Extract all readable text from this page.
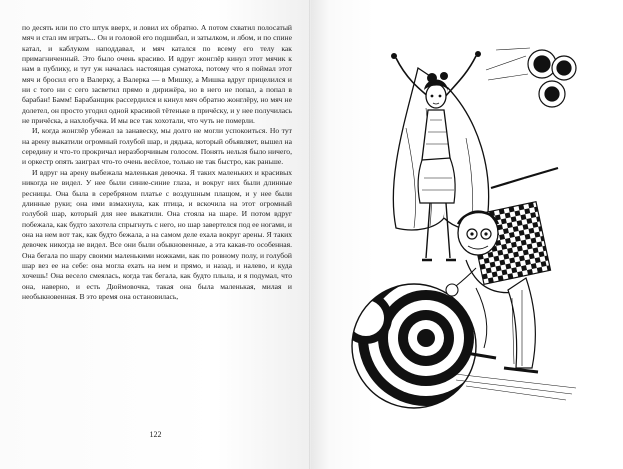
по десять или по сто штук вверх, и ловил их обратно. А потом схватил полосатый мяч и стал им играть... Он и головой его подшибал, и затылком, и лбом, и по спине катал, и каблуком наподдавал, и мяч катался по всему его телу как примагниченный. Это было очень красиво. И вдруг жонглёр кинул этот мячик к нам в публику, и тут уж началась настоящая суматоха, потому что я поймал этот мяч и бросил его в Валерку, а Валерка — в Мишку, а Мишка вдруг прицелился и ни с того ни с сего засветил прямо в дирижёра, но в него не попал, а попал в барабан! Бамм! Барабанщик рассердился и кинул мяч обратно жонглёру, но мяч не долетел, он просто угодил одной красивой тётеньке в причёску, и у нее получилась не причёска, а нахлобучка. И мы все так хохотали, что чуть не померли.

И, когда жонглёр убежал за занавеску, мы долго не могли успокоиться. Но тут на арену выкатили огромный голубой шар, и дядька, который объявляет, вышел на середину и что-то прокричал неразборчивым голосом. Понять нельзя было ничего, и оркестр опять заиграл что-то очень весёлое, только не так быстро, как раньше.

И вдруг на арену выбежала маленькая девочка. Я таких маленьких и красивых никогда не видел. У нее были синие-синие глаза, и вокруг них были длинные ресницы. Она была в серебряном платье с воздушным плащом, и у нее были длинные руки; она ими взмахнула, как птица, и вскочила на этот огромный голубой шар, который для нее выкатили. Она стояла на шаре. И потом вдруг побежала, как будто захотела спрыгнуть с него, но шар завертелся под ее ногами, и она на нем вот так, как будто бежала, а на самом деле ехала вокруг арены. Я таких девочек никогда не видел. Все они были обыкновенные, а эта какая-то особенная. Она бегала по шару своими маленькими ножками, как по ровному полу, и голубой шар вез ее на себе: она могла ехать на нем и прямо, и назад, и налево, и куда хочешь! Она весело смеялась, когда так бегала, как будто плыла, и я подумал, что она, наверно, и есть Дюймовочка, такая она была маленькая, милая и необыкновенная. В это время она остановилась,

122
